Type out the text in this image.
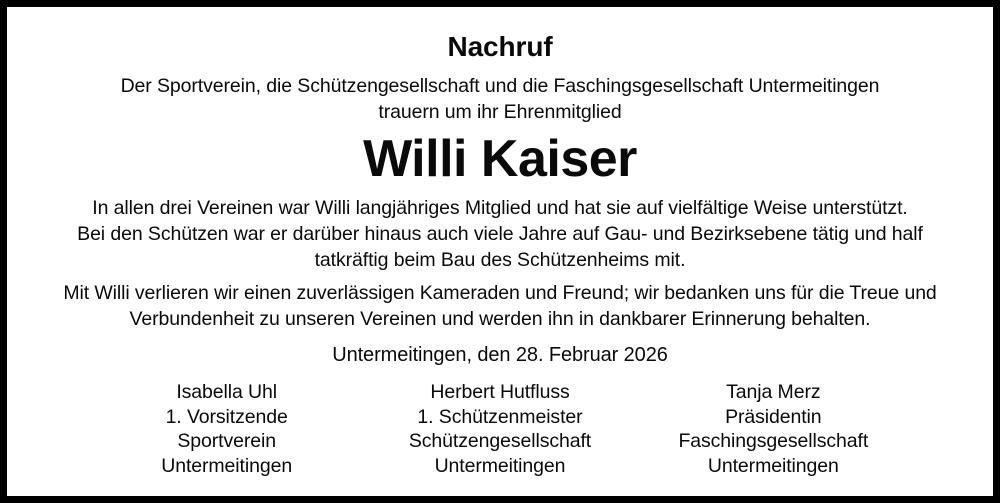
Nachruf
Der Sportverein, die Schützengesellschaft und die Faschingsgesellschaft Untermeitingen
trauern um ihr Ehrenmitglied
Willi Kaiser
In allen drei Vereinen war Willi langjähriges Mitglied und hat sie auf vielfältige Weise unterstützt.
Bei den Schützen war er darüber hinaus auch viele Jahre auf Gau- und Bezirksebene tätig und half
tatkräftig beim Bau des Schützenheims mit.
Mit Willi verlieren wir einen zuverlässigen Kameraden und Freund; wir bedanken uns für die Treue und
Verbundenheit zu unseren Vereinen und werden ihn in dankbarer Erinnerung behalten.
Untermeitingen, den 28. Februar 2026
Isabella Uhl
1. Vorsitzende
Sportverein
Untermeitingen
Herbert Hutfluss
1. Schützenmeister
Schützengesellschaft
Untermeitingen
Tanja Merz
Präsidentin
Faschingsgesellschaft
Untermeitingen
